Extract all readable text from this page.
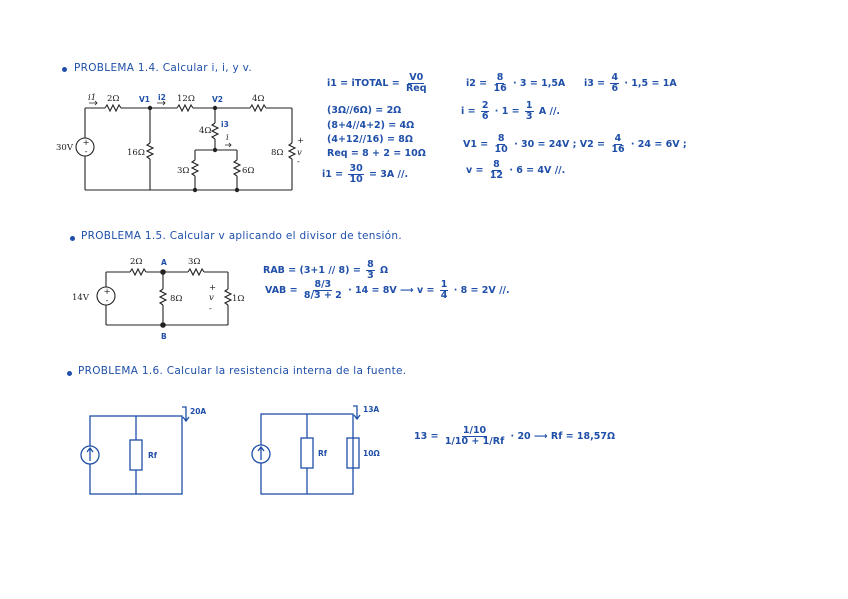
PROBLEMA 1.4. Calcular i, i, y v.
+
-
30V
i1 2Ω	V1 i2 12Ω V2	4Ω
16Ω
4Ω
i3
i
3Ω	6Ω
8Ω
+
v
-
i1 = iTOTAL = $\frac{V0}{\text{Req}}$
(3Ω//6Ω) = 2Ω
(8+4//4+2) = 4Ω
(4+12//16) = 8Ω
Req = 8 + 2 = 10Ω
$i1 = \frac{30}{10} = 3A$ //.
$i2 = \frac{8}{16} \cdot 3 = 1,5A$ $i3 = \frac{4}{6} \cdot 1,5 = 1A$
$i = \frac{2}{6} \cdot 1 = \frac{1}{3}$ A //.
$V1 = \frac{8}{10} \cdot 30 = 24V$ ; $V2 = \frac{4}{16} \cdot 24 = 6V$ ;
$v = \frac{8}{12} \cdot 6 = 4V$ //.
PROBLEMA 1.5. Calcular v aplicando el divisor de tensión.
+
-
14V
2Ω	3Ω
A
B
8Ω	1Ω
+
v
-
RAB = $(3+1 // 8) = \frac{8}{3}$ Ω
VAB = $\frac{8/3}{8/3 + 2} \cdot 14 = 8V$ ⟶ $v = \frac{1}{4} \cdot 8 = 2V$ //.
PROBLEMA 1.6. Calcular la resistencia interna de la fuente.
Rf
20A
Rf	10Ω
13A
$13 = \frac{1/10}{1/10 + 1/Rf} \cdot 20$ ⟶ Rf = 18,57Ω
